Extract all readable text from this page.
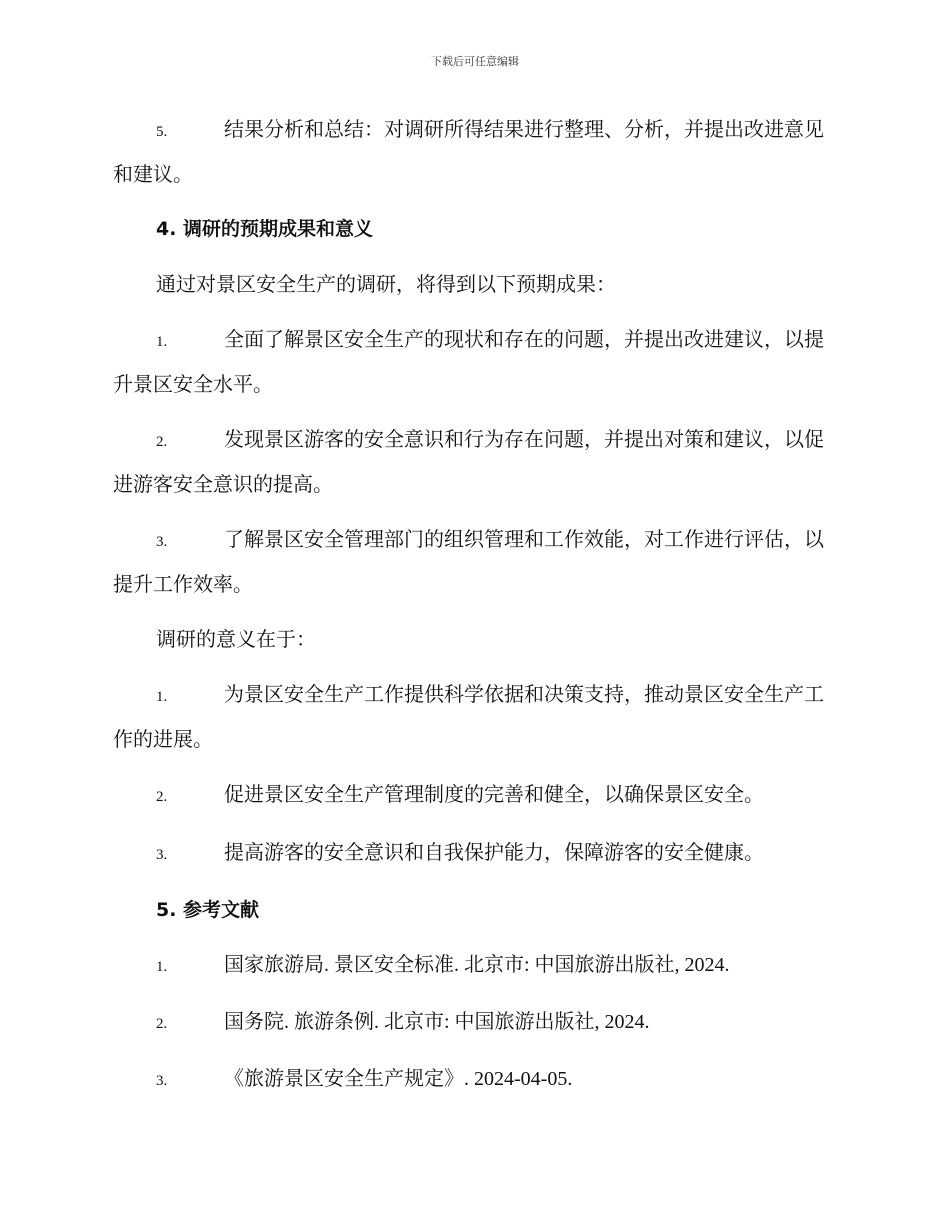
下载后可任意编辑

5.	结果分析和总结：对调研所得结果进行整理、分析，并提出改进意见和建议。

4. 调研的预期成果和意义

通过对景区安全生产的调研，将得到以下预期成果：

1.	全面了解景区安全生产的现状和存在的问题，并提出改进建议，以提升景区安全水平。

2.	发现景区游客的安全意识和行为存在问题，并提出对策和建议，以促进游客安全意识的提高。

3.	了解景区安全管理部门的组织管理和工作效能，对工作进行评估，以提升工作效率。

调研的意义在于：

1.	为景区安全生产工作提供科学依据和决策支持，推动景区安全生产工作的进展。

2.	促进景区安全生产管理制度的完善和健全，以确保景区安全。

3.	提高游客的安全意识和自我保护能力，保障游客的安全健康。

5. 参考文献

1.	国家旅游局. 景区安全标准. 北京市: 中国旅游出版社, 2024.

2.	国务院. 旅游条例. 北京市: 中国旅游出版社, 2024.

3.	《旅游景区安全生产规定》. 2024-04-05.
